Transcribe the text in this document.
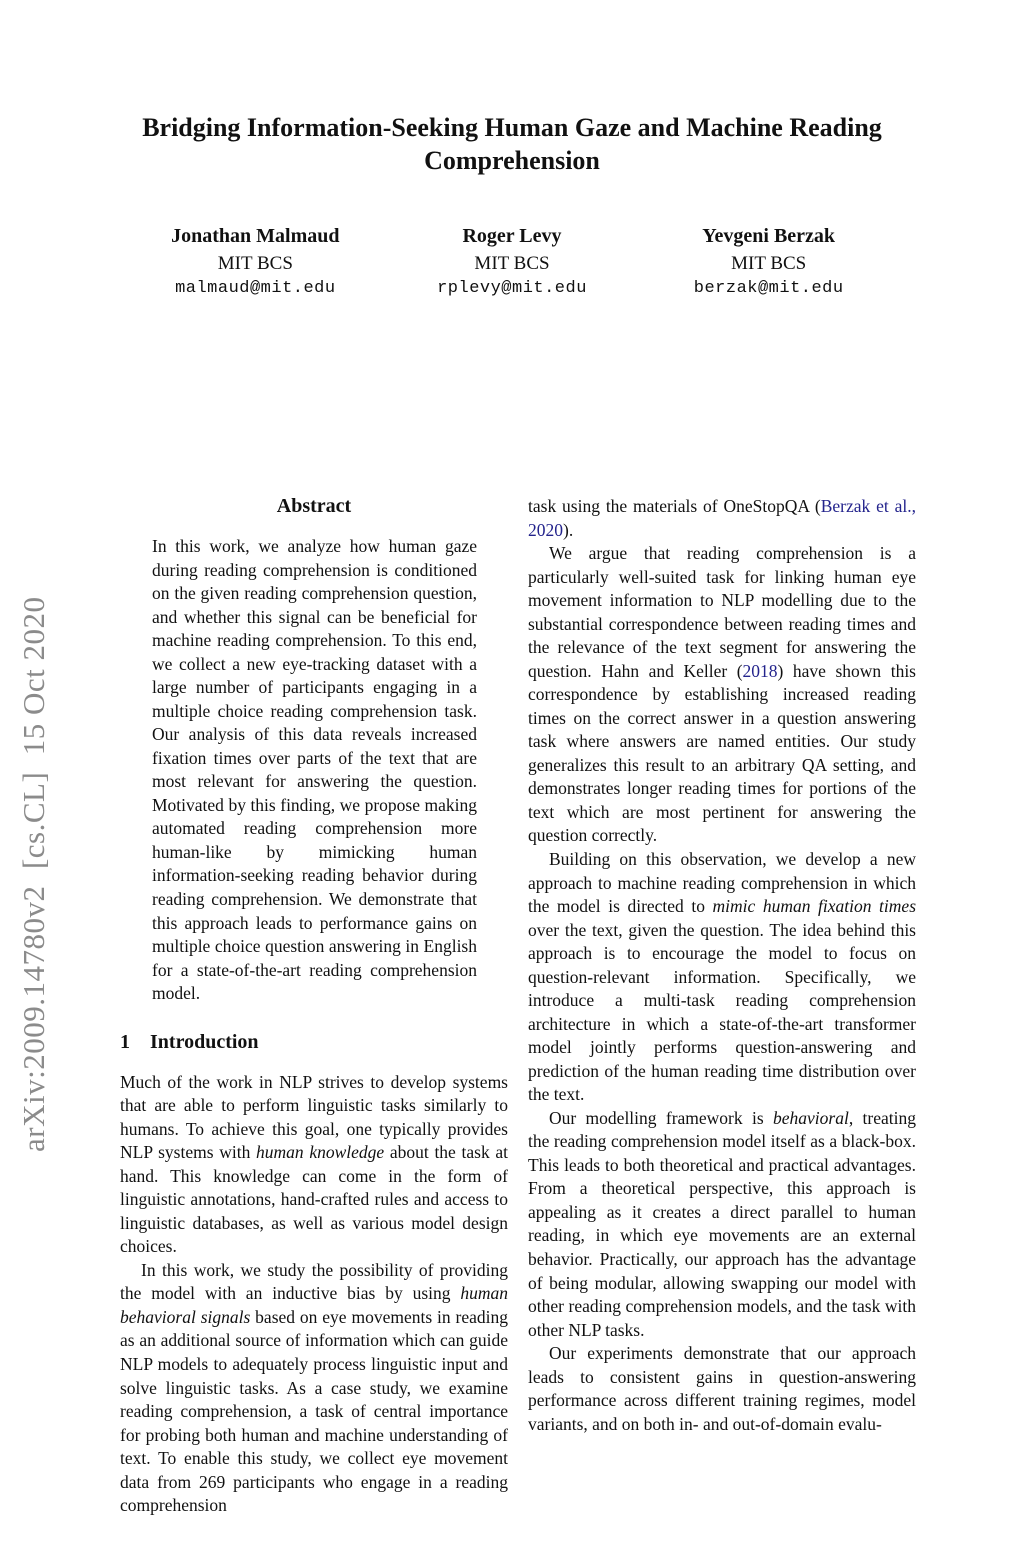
arXiv:2009.14780v2  [cs.CL]  15 Oct 2020
Bridging Information-Seeking Human Gaze and Machine Reading Comprehension
Jonathan Malmaud
MIT BCS
malmaud@mit.edu
Roger Levy
MIT BCS
rplevy@mit.edu
Yevgeni Berzak
MIT BCS
berzak@mit.edu
Abstract

In this work, we analyze how human gaze during reading comprehension is conditioned on the given reading comprehension question, and whether this signal can be beneficial for machine reading comprehension. To this end, we collect a new eye-tracking dataset with a large number of participants engaging in a multiple choice reading comprehension task. Our analysis of this data reveals increased fixation times over parts of the text that are most relevant for answering the question. Motivated by this finding, we propose making automated reading comprehension more human-like by mimicking human information-seeking reading behavior during reading comprehension. We demonstrate that this approach leads to performance gains on multiple choice question answering in English for a state-of-the-art reading comprehension model.

1	Introduction

Much of the work in NLP strives to develop systems that are able to perform linguistic tasks similarly to humans. To achieve this goal, one typically provides NLP systems with human knowledge about the task at hand. This knowledge can come in the form of linguistic annotations, hand-crafted rules and access to linguistic databases, as well as various model design choices.

In this work, we study the possibility of providing the model with an inductive bias by using human behavioral signals based on eye movements in reading as an additional source of information which can guide NLP models to adequately process linguistic input and solve linguistic tasks. As a case study, we examine reading comprehension, a task of central importance for probing both human and machine understanding of text. To enable this study, we collect eye movement data from 269 participants who engage in a reading comprehension

task using the materials of OneStopQA (Berzak et al., 2020).

We argue that reading comprehension is a particularly well-suited task for linking human eye movement information to NLP modelling due to the substantial correspondence between reading times and the relevance of the text segment for answering the question. Hahn and Keller (2018) have shown this correspondence by establishing increased reading times on the correct answer in a question answering task where answers are named entities. Our study generalizes this result to an arbitrary QA setting, and demonstrates longer reading times for portions of the text which are most pertinent for answering the question correctly.

Building on this observation, we develop a new approach to machine reading comprehension in which the model is directed to mimic human fixation times over the text, given the question. The idea behind this approach is to encourage the model to focus on question-relevant information. Specifically, we introduce a multi-task reading comprehension architecture in which a state-of-the-art transformer model jointly performs question-answering and prediction of the human reading time distribution over the text.

Our modelling framework is behavioral, treating the reading comprehension model itself as a black-box. This leads to both theoretical and practical advantages. From a theoretical perspective, this approach is appealing as it creates a direct parallel to human reading, in which eye movements are an external behavior. Practically, our approach has the advantage of being modular, allowing swapping our model with other reading comprehension models, and the task with other NLP tasks.

Our experiments demonstrate that our approach leads to consistent gains in question-answering performance across different training regimes, model variants, and on both in- and out-of-domain evalu-
